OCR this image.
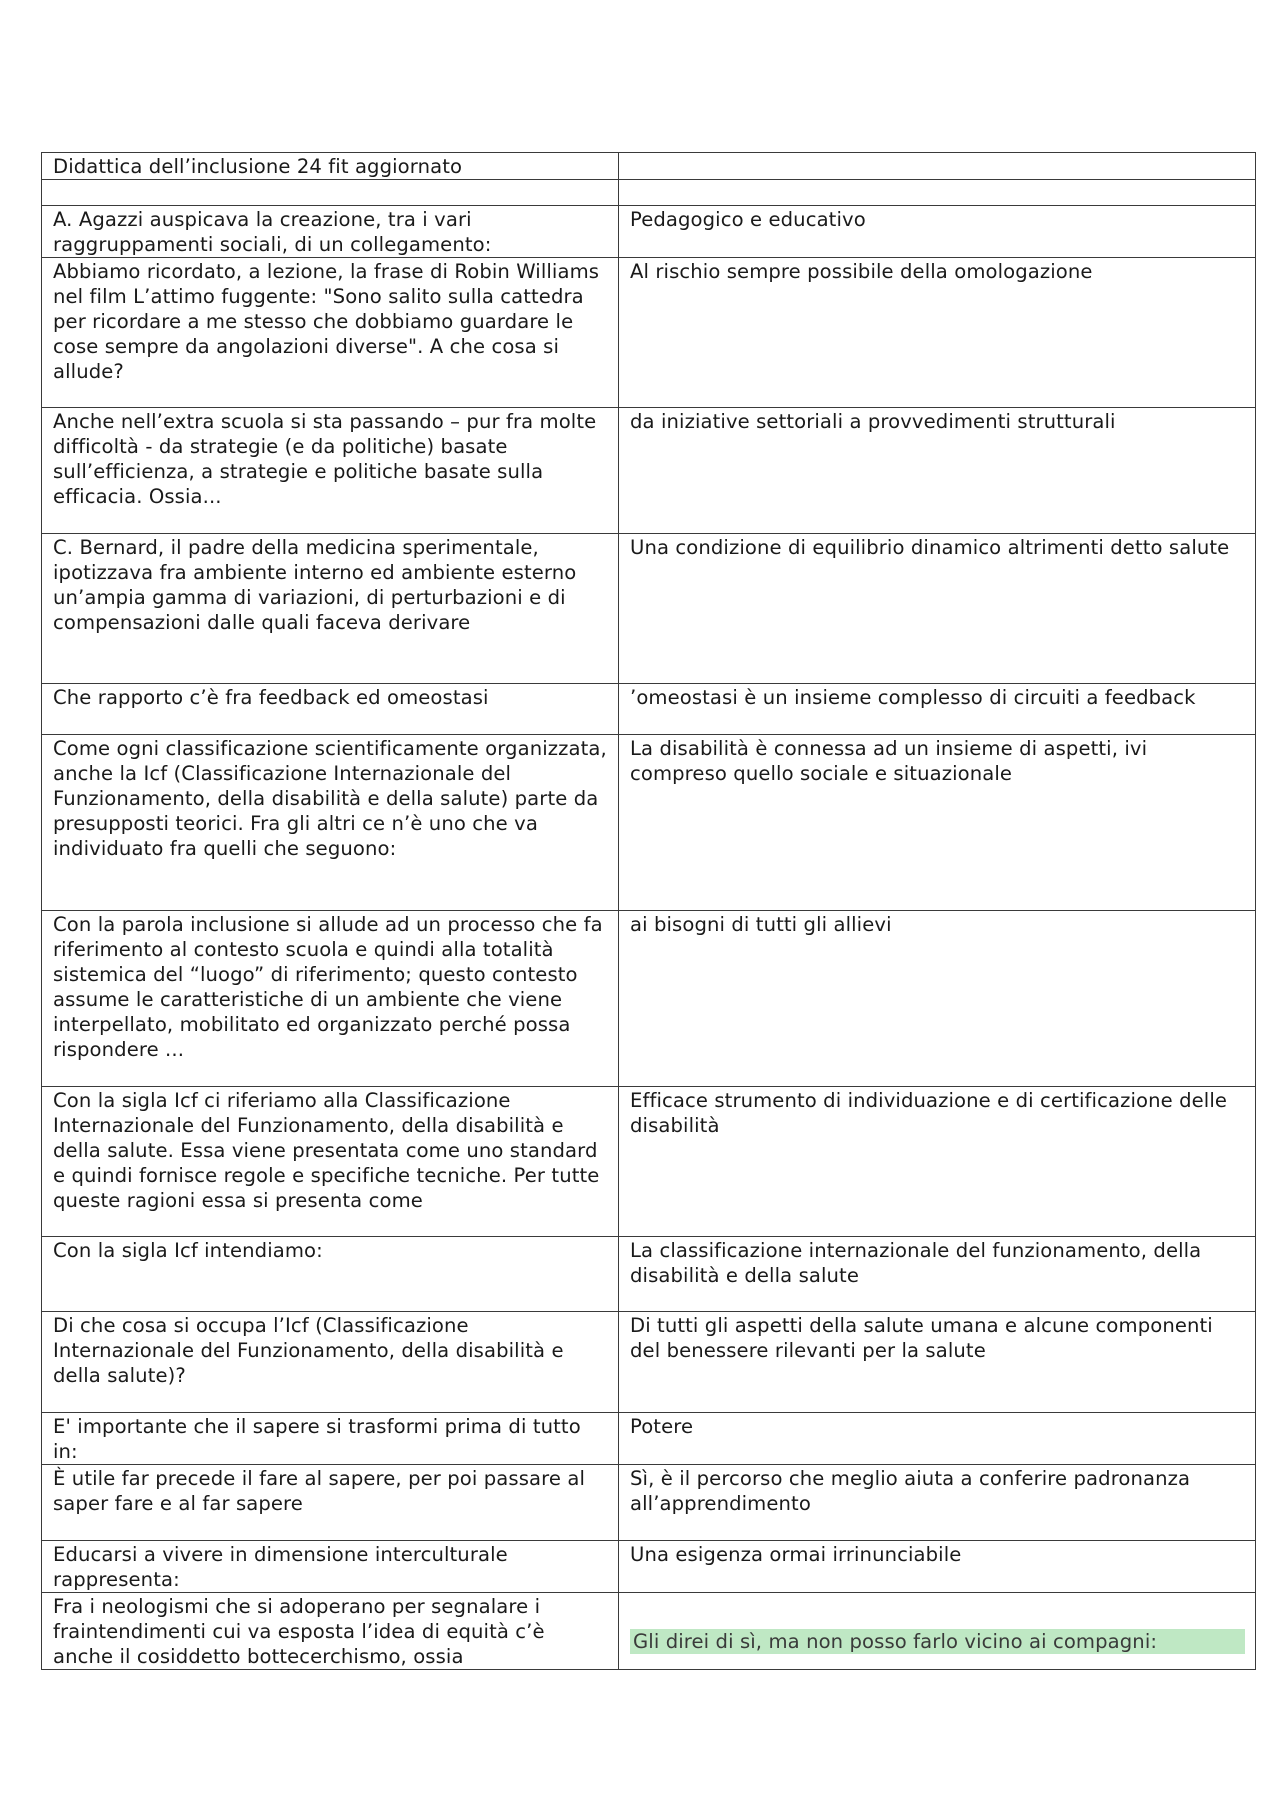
Didattica dell’inclusione 24 fit aggiornato	

A. Agazzi auspicava la creazione, tra i vari raggruppamenti sociali, di un collegamento:	Pedagogico e educativo
Abbiamo ricordato, a lezione, la frase di Robin Williams nel film L’attimo fuggente: "Sono salito sulla cattedra per ricordare a me stesso che dobbiamo guardare le cose sempre da angolazioni diverse". A che cosa si allude?	Al rischio sempre possibile della omologazione
Anche nell’extra scuola si sta passando – pur fra molte difficoltà - da strategie (e da politiche) basate sull’efficienza, a strategie e politiche basate sulla efficacia. Ossia...	da iniziative settoriali a provvedimenti strutturali
C. Bernard, il padre della medicina sperimentale, ipotizzava fra ambiente interno ed ambiente esterno un’ampia gamma di variazioni, di perturbazioni e di compensazioni dalle quali faceva derivare	Una condizione di equilibrio dinamico altrimenti detto salute
Che rapporto c’è fra feedback ed omeostasi	’omeostasi è un insieme complesso di circuiti a feedback
Come ogni classificazione scientificamente organizzata, anche la Icf (Classificazione Internazionale del Funzionamento, della disabilità e della salute) parte da presupposti teorici. Fra gli altri ce n’è uno che va individuato fra quelli che seguono:	La disabilità è connessa ad un insieme di aspetti, ivi compreso quello sociale e situazionale
Con la parola inclusione si allude ad un processo che fa riferimento al contesto scuola e quindi alla totalità sistemica del “luogo” di riferimento; questo contesto assume le caratteristiche di un ambiente che viene interpellato, mobilitato ed organizzato perché possa rispondere ...	ai bisogni di tutti gli allievi
Con la sigla Icf ci riferiamo alla Classificazione Internazionale del Funzionamento, della disabilità e della salute. Essa viene presentata come uno standard e quindi fornisce regole e specifiche tecniche. Per tutte queste ragioni essa si presenta come	Efficace strumento di individuazione e di certificazione delle disabilità
Con la sigla Icf intendiamo:	La classificazione internazionale del funzionamento, della disabilità e della salute
Di che cosa si occupa l’Icf (Classificazione Internazionale del Funzionamento, della disabilità e della salute)?	Di tutti gli aspetti della salute umana e alcune componenti del benessere rilevanti per la salute
E' importante che il sapere si trasformi prima di tutto in:	Potere
È utile far precede il fare al sapere, per poi passare al saper fare e al far sapere	Sì, è il percorso che meglio aiuta a conferire padronanza all’apprendimento
Educarsi a vivere in dimensione interculturale rappresenta:	Una esigenza ormai irrinunciabile
Fra i neologismi che si adoperano per segnalare i fraintendimenti cui va esposta l’idea di equità c’è anche il cosiddetto bottecerchismo, ossia	Gli direi di sì, ma non posso farlo vicino ai compagni:
